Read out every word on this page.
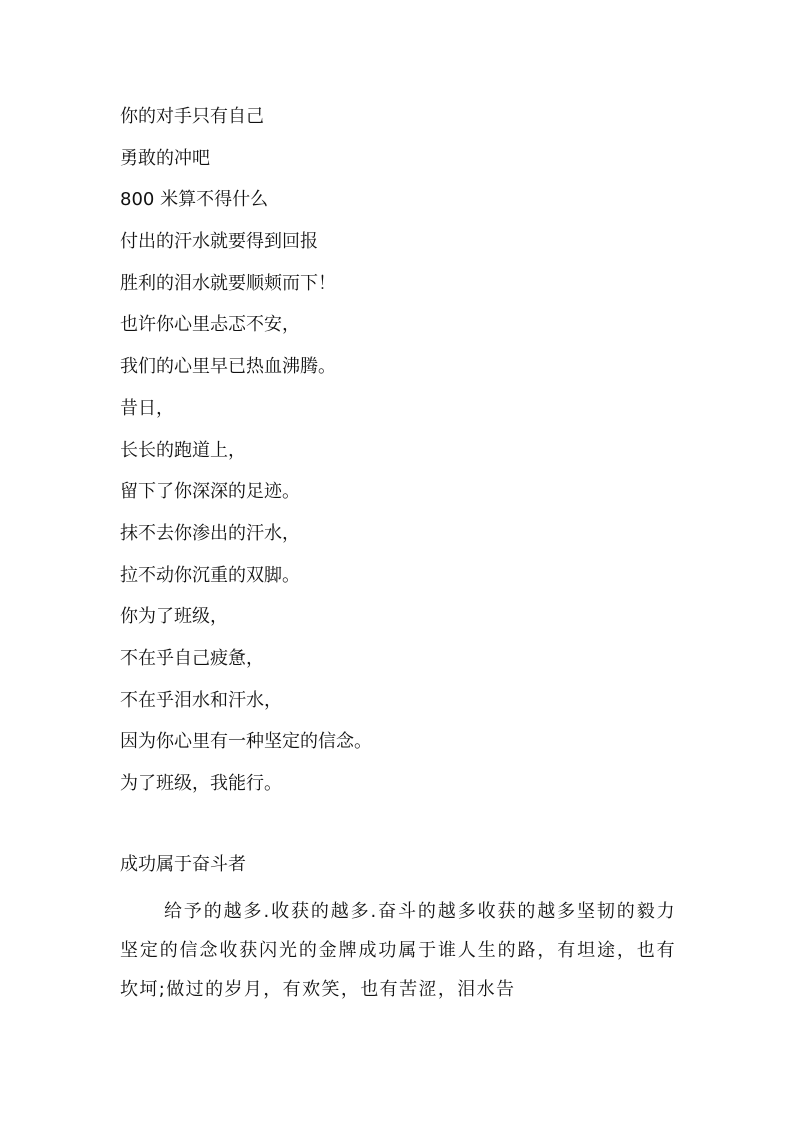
你的对手只有自己
勇敢的冲吧
800 米算不得什么
付出的汗水就要得到回报
胜利的泪水就要顺颊而下！
也许你心里忐忑不安，
我们的心里早已热血沸腾。
昔日，
长长的跑道上，
留下了你深深的足迹。
抹不去你渗出的汗水，
拉不动你沉重的双脚。
你为了班级，
不在乎自己疲惫，
不在乎泪水和汗水，
因为你心里有一种坚定的信念。
为了班级，我能行。
成功属于奋斗者

给予的越多.收获的越多.奋斗的越多收获的越多坚韧的毅力坚定的信念收获闪光的金牌成功属于谁人生的路，有坦途，也有坎坷;做过的岁月，有欢笑，也有苦涩，泪水告
